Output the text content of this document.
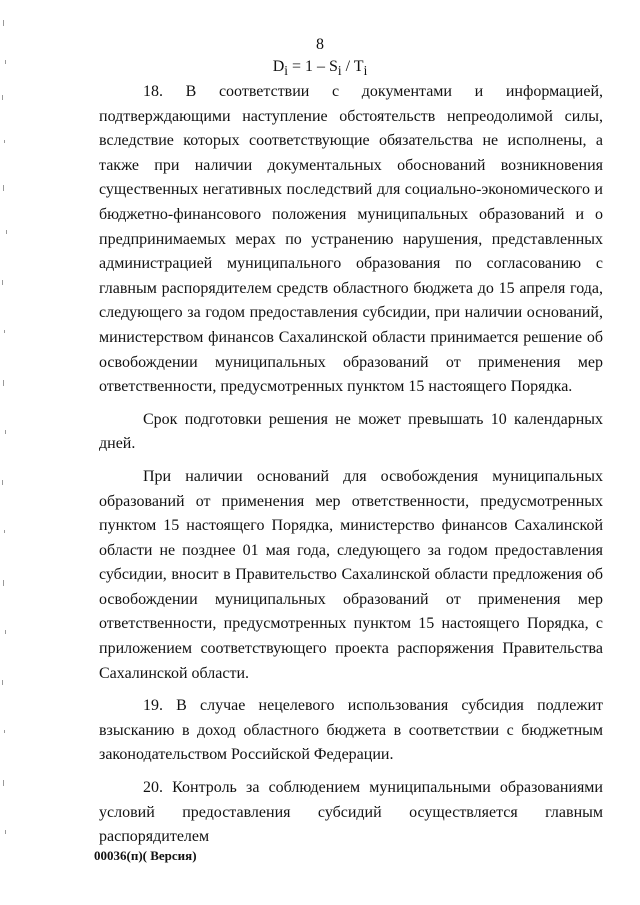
8
$D_i = 1 - S_i / T_i$

18. В соответствии с документами и информацией, подтверждающими наступление обстоятельств непреодолимой силы, вследствие которых соответствующие обязательства не исполнены, а также при наличии документальных обоснований возникновения существенных негативных последствий для социально-экономического и бюджетно-финансового положения муниципальных образований и о предпринимаемых мерах по устранению нарушения, представленных администрацией муниципального образования по согласованию с главным распорядителем средств областного бюджета до 15 апреля года, следующего за годом предоставления субсидии, при наличии оснований, министерством финансов Сахалинской области принимается решение об освобождении муниципальных образований от применения мер ответственности, предусмотренных пунктом 15 настоящего Порядка.

Срок подготовки решения не может превышать 10 календарных дней.

При наличии оснований для освобождения муниципальных образований от применения мер ответственности, предусмотренных пунктом 15 настоящего Порядка, министерство финансов Сахалинской области не позднее 01 мая года, следующего за годом предоставления субсидии, вносит в Правительство Сахалинской области предложения об освобождении муниципальных образований от применения мер ответственности, предусмотренных пунктом 15 настоящего Порядка, с приложением соответствующего проекта распоряжения Правительства Сахалинской области.

19. В случае нецелевого использования субсидия подлежит взысканию в доход областного бюджета в соответствии с бюджетным законодательством Российской Федерации.

20. Контроль за соблюдением муниципальными образованиями условий предоставления субсидий осуществляется главным распорядителем

00036(п)( Версия)
